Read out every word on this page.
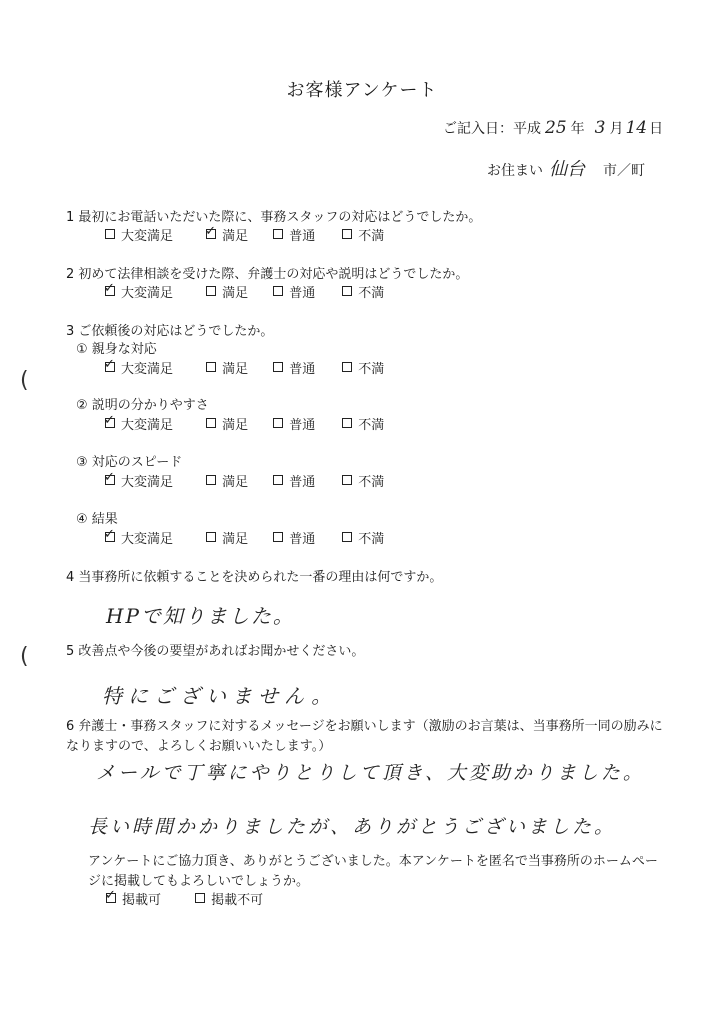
お客様アンケート
ご記入日：平成 25 年 3 月 14 日
お住まい 仙台 市／町
1 最初にお電話いただいた際に、事務スタッフの対応はどうでしたか。
大変満足
✓ 満足
	普通
	不満
2 初めて法律相談を受けた際、弁護士の対応や説明はどうでしたか。
✓ 大変満足
	満足
	普通
	不満
3 ご依頼後の対応はどうでしたか。
① 親身な対応
✓ 大変満足
	満足
	普通
	不満
② 説明の分かりやすさ
✓ 大変満足
	満足
	普通
	不満
③ 対応のスピード
✓ 大変満足
	満足
	普通
	不満
④ 結果
✓ 大変満足
	満足
	普通
	不満
4 当事務所に依頼することを決められた一番の理由は何ですか。
HPで知りました。
5 改善点や今後の要望があればお聞かせください。
特にございません。
6 弁護士・事務スタッフに対するメッセージをお願いします（激励のお言葉は、当事務所一同の励みになりますので、よろしくお願いいたします。）
メールで丁寧にやりとりして頂き、大変助かりました。
長い時間かかりましたが、ありがとうございました。
アンケートにご協力頂き、ありがとうございました。本アンケートを匿名で当事務所のホームページに掲載してもよろしいでしょうか。
✓ 掲載可
	掲載不可
(
(
